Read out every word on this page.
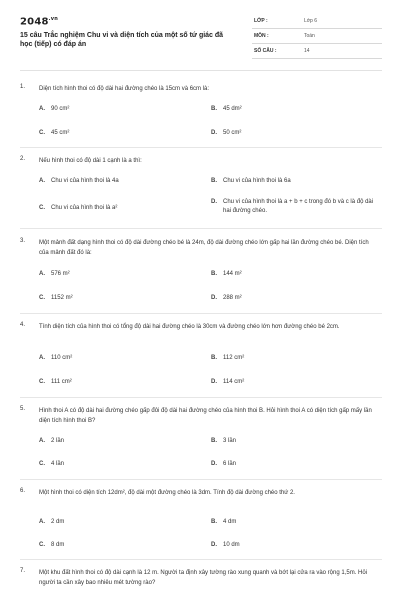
$2048^{.vn}$
15 câu Trắc nghiệm Chu vi và diện tích của một số tứ giác đã học (tiếp) có đáp án
LỚP :	Lớp 6
MÔN :	Toán
SỐ CÂU :	14
1. Diện tích hình thoi có độ dài hai đường chéo là 15cm và 6cm là:
A. 90 cm²	B. 45 dm²
C. 45 cm²	D. 50 cm²
2. Nếu hình thoi có độ dài 1 cạnh là a thì:
A. Chu vi của hình thoi là 4a	B. Chu vi của hình thoi là 6a
C. Chu vi của hình thoi là a²
D. Chu vi của hình thoi là a + b + c trong đó b và c là độ dài hai đường chéo.
3. Một mảnh đất dạng hình thoi có độ dài đường chéo bé là 24m, độ dài đường chéo lớn gấp hai lần đường chéo bé. Diện tích của mảnh đất đó là:
A. 576 m²	B. 144 m²
C. 1152 m²	D. 288 m²
4. Tính diện tích của hình thoi có tổng độ dài hai đường chéo là 30cm và đường chéo lớn hơn đường chéo bé 2cm.
A. 110 cm²	B. 112 cm²
C. 111 cm²	D. 114 cm²
5. Hình thoi A có độ dài hai đường chéo gấp đôi độ dài hai đường chéo của hình thoi B. Hỏi hình thoi A có diện tích gấp mấy lần diện tích hình thoi B?
A. 2 lần	B. 3 lần
C. 4 lần	D. 6 lần
6. Một hình thoi có diện tích 12dm², độ dài một đường chéo là 3dm. Tính độ dài đường chéo thứ 2.
A. 2 dm	B. 4 dm
C. 8 dm	D. 10 dm
7. Một khu đất hình thoi có độ dài cạnh là 12 m. Người ta định xây tường rào xung quanh và bớt lại cửa ra vào rộng 1,5m. Hỏi người ta cần xây bao nhiêu mét tường rào?
